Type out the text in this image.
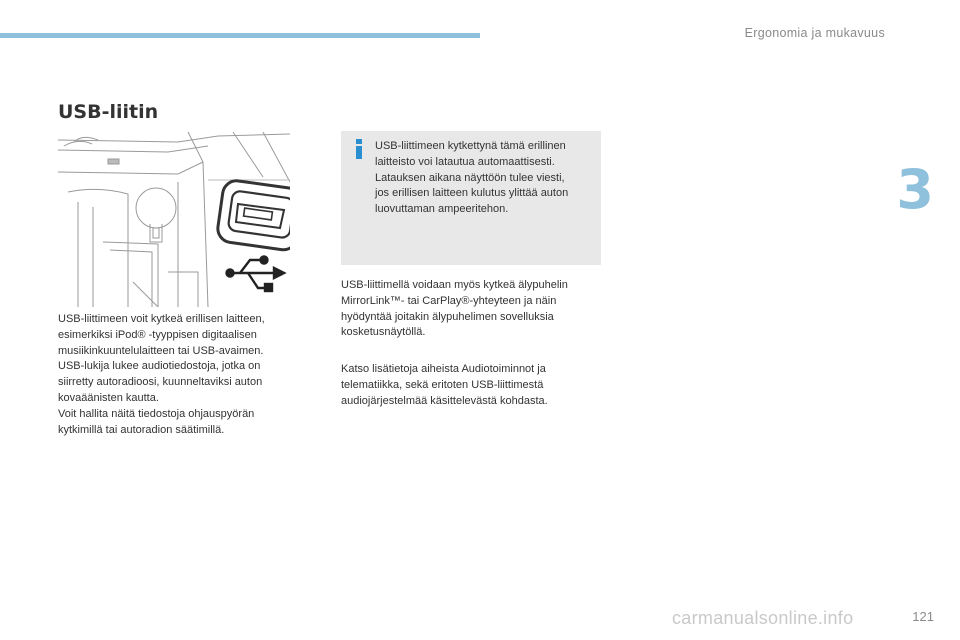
Ergonomia ja mukavuus
3
USB-liitin
USB-liittimeen voit kytkeä erillisen laitteen,
esimerkiksi iPod® -tyyppisen digitaalisen
musiikinkuuntelulaitteen tai USB-avaimen.
USB-lukija lukee audiotiedostoja, jotka on
siirretty autoradioosi, kuunneltaviksi auton
kovaäänisten kautta.
Voit hallita näitä tiedostoja ohjauspyörän
kytkimillä tai autoradion säätimillä.
USB-liittimeen kytkettynä tämä erillinen
laitteisto voi latautua automaattisesti.
Latauksen aikana näyttöön tulee viesti,
jos erillisen laitteen kulutus ylittää auton
luovuttaman ampeeritehon.
USB-liittimellä voidaan myös kytkeä älypuhelin
MirrorLink™- tai CarPlay®-yhteyteen ja näin
hyödyntää joitakin älypuhelimen sovelluksia
kosketusnäytöllä.
Katso lisätietoja aiheista Audiotoiminnot ja
telematiikka, sekä eritoten USB-liittimestä
audiojärjestelmää käsittelevästä kohdasta.
carmanualsonline.info	121
